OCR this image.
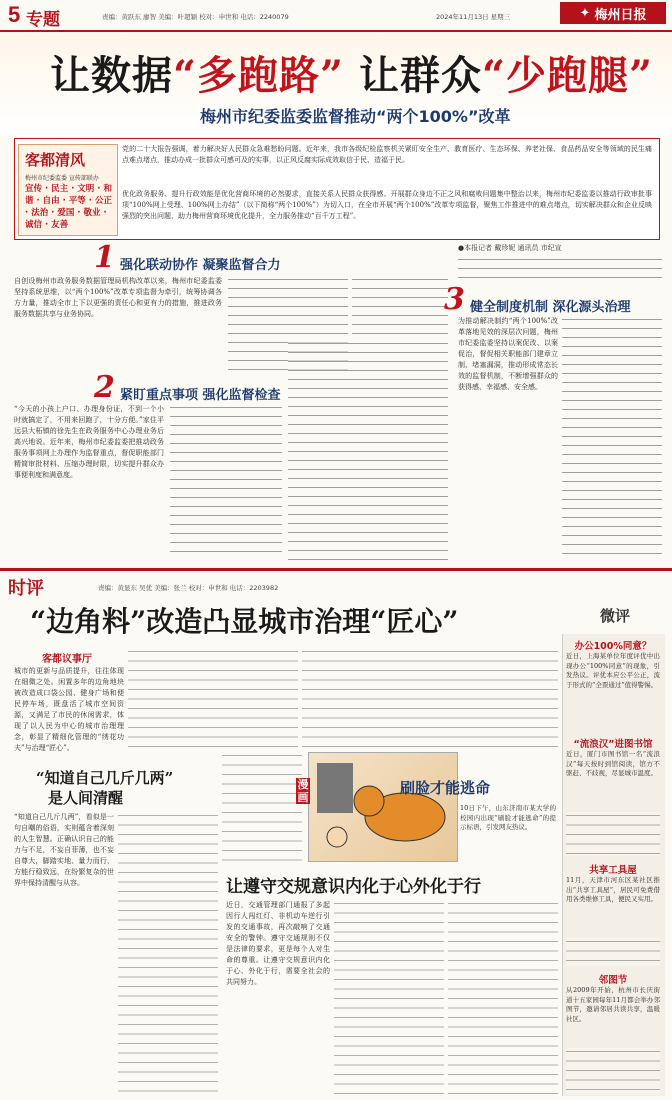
5 专题	责编：黄跃东 廖智 美编：叶超颖 校对：申世和 电话：2240079	2024年11月13日 星期三	✦ 梅州日报
让数据“多跑路” 让群众“少跑腿”
梅州市纪委监委监督推动“两个100%”改革
客都清风
梅州市纪委监委 宣传部联办
宣传 · 民主 · 文明 · 和谐 · 自由 · 平等 · 公正 · 法治 · 爱国 · 敬业 · 诚信 · 友善
党的二十大报告强调，着力解决好人民群众急难愁盼问题。近年来，我市各级纪检监察机关紧盯安全生产、教育医疗、生态环保、养老社保、食品药品安全等领域的民生痛点难点堵点，推动办成一批群众可感可及的实事，以正风反腐实际成效取信于民、造福于民。
优化政务服务、提升行政效能是优化营商环境的必然要求，直接关系人民群众获得感。开展群众身边不正之风和腐败问题集中整治以来，梅州市纪委监委以推动行政审批事项“100%网上受理、100%网上办结”（以下简称“两个100%”）为切入口，在全市开展“两个100%”改革专项监督，聚焦工作推进中的难点堵点，切实解决群众和企业反映强烈的突出问题，助力梅州营商环境优化提升，全力服务推动“百千万工程”。
1 强化联动协作 凝聚监督合力
自创设梅州市政务服务数据管理局机构改革以来，梅州市纪委监委坚持系统思维，以“两个100%”改革专项监督为牵引，统筹协调各方力量，推动全市上下以更强的责任心和更有力的措施，推进政务服务数据共享与业务协同。
●本报记者 戴珍妮 通讯员 市纪宣
3 健全制度机制 深化源头治理
2 紧盯重点事项 强化监督检查
“今天的小孩上户口、办理身份证，不到一个小时就搞定了，不用来回跑了，十分方便。”家住平远县大柘镇的徐先生在政务服务中心办理业务后高兴地说。近年来，梅州市纪委监委把推动政务服务事项网上办理作为监督重点，督促职能部门精简审批材料、压缩办理时限，切实提升群众办事便利度和满意度。
为推动解决制约“两个100%”改革落地见效的深层次问题，梅州市纪委监委坚持以案促改、以案促治，督促相关职能部门建章立制、堵塞漏洞，推动形成常态长效的监督机制，不断增强群众的获得感、幸福感、安全感。
时评	责编：黄显东 吴优 美编：张兰 校对：申世和 电话：2203982
“边角料”改造凸显城市治理“匠心”	微评
客都议事厅
城市的更新与品质提升，往往体现在细微之处。闲置多年的边角地块被改造成口袋公园、健身广场和便民停车场，既盘活了城市空间资源，又满足了市民的休闲需求，体现了以人民为中心的城市治理理念，彰显了精细化管理的“绣花功夫”与治理“匠心”。
“知道自己几斤几两”
是人间清醒
“知道自己几斤几两”，看似是一句自嘲的俗语，实则蕴含着深刻的人生智慧。正确认识自己的能力与不足，不妄自菲薄，也不妄自尊大，脚踏实地、量力而行，方能行稳致远，在纷繁复杂的世界中保持清醒与从容。
漫画
刷脸才能逃命
10日下午，山东济南市某大学的校园内出现“刷脸才能逃命”的提示标语，引发网友热议。
让遵守交规意识内化于心外化于行
近日，交通管理部门通报了多起因行人闯红灯、非机动车逆行引发的交通事故，再次敲响了交通安全的警钟。遵守交通规则不仅是法律的要求，更是每个人对生命的尊重。让遵守交规意识内化于心、外化于行，需要全社会的共同努力。
办公100%同意？
近日，上海某单位年度评优中出现办公“100%同意”的现象，引发热议。评优本应公平公正，流于形式的“全票通过”值得警惕。
“流浪汉”进图书馆
近日，厦门市图书馆一名“流浪汉”每天按时到馆阅读，馆方不驱赶、不歧视，尽显城市温度。
共享工具屋
11月，天津市河东区某社区推出“共享工具屋”，居民可免费借用各类维修工具，便民又实用。
邻图节
从2009年开始，杭州市长庆街道十五家园每年11月都会举办邻图节，邀请邻居共读共享，温暖社区。
